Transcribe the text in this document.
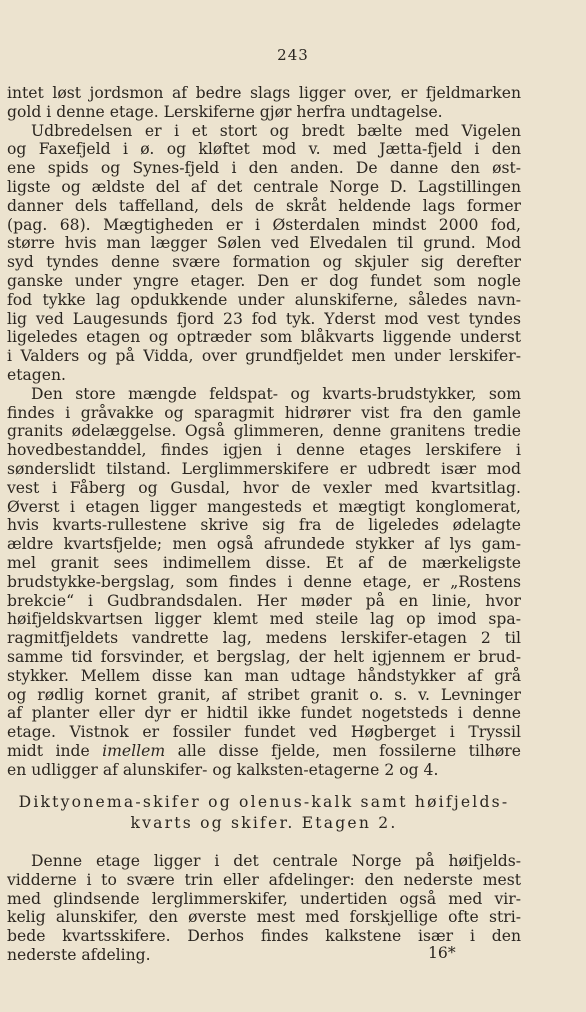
243
intet løst jordsmon af bedre slags ligger over, er fjeldmarken
gold i denne etage. Lerskiferne gjør herfra undtagelse.
Udbredelsen er i et stort og bredt bælte med Vigelen
og Faxefjeld i ø. og kløftet mod v. med Jætta-fjeld i den
ene spids og Synes-fjeld i den anden. De danne den øst-
ligste og ældste del af det centrale Norge D. Lagstillingen
danner dels taffelland, dels de skråt heldende lags former
(pag. 68). Mægtigheden er i Østerdalen mindst 2000 fod,
større hvis man lægger Sølen ved Elvedalen til grund. Mod
syd tyndes denne svære formation og skjuler sig derefter
ganske under yngre etager. Den er dog fundet som nogle
fod tykke lag opdukkende under alunskiferne, således navn-
lig ved Laugesunds fjord 23 fod tyk. Yderst mod vest tyndes
ligeledes etagen og optræder som blåkvarts liggende underst
i Valders og på Vidda, over grundfjeldet men under lerskifer-
etagen.
Den store mængde feldspat- og kvarts-brudstykker, som
findes i gråvakke og sparagmit hidrører vist fra den gamle
granits ødelæggelse. Også glimmeren, denne granitens tredie
hovedbestanddel, findes igjen i denne etages lerskifere i
sønderslidt tilstand. Lerglimmerskifere er udbredt især mod
vest i Fåberg og Gusdal, hvor de vexler med kvartsitlag.
Øverst i etagen ligger mangesteds et mægtigt konglomerat,
hvis kvarts-rullestene skrive sig fra de ligeledes ødelagte
ældre kvartsfjelde; men også afrundede stykker af lys gam-
mel granit sees indimellem disse. Et af de mærkeligste
brudstykke-bergslag, som findes i denne etage, er „Rostens
brekcie“ i Gudbrandsdalen. Her møder på en linie, hvor
høifjeldskvartsen ligger klemt med steile lag op imod spa-
ragmitfjeldets vandrette lag, medens lerskifer-etagen 2 til
samme tid forsvinder, et bergslag, der helt igjennem er brud-
stykker. Mellem disse kan man udtage håndstykker af grå
og rødlig kornet granit, af stribet granit o. s. v. Levninger
af planter eller dyr er hidtil ikke fundet nogetsteds i denne
etage. Vistnok er fossiler fundet ved Høgberget i Tryssil
midt inde imellem alle disse fjelde, men fossilerne tilhøre
en udligger af alunskifer- og kalksten-etagerne 2 og 4.
Diktyonema-skifer og olenus-kalk samt høifjelds-
kvarts og skifer. Etagen 2.
Denne etage ligger i det centrale Norge på høifjelds-
vidderne i to svære trin eller afdelinger: den nederste mest
med glindsende lerglimmerskifer, undertiden også med vir-
kelig alunskifer, den øverste mest med forskjellige ofte stri-
bede kvartsskifere. Derhos findes kalkstene især i den
nederste afdeling.	16*
